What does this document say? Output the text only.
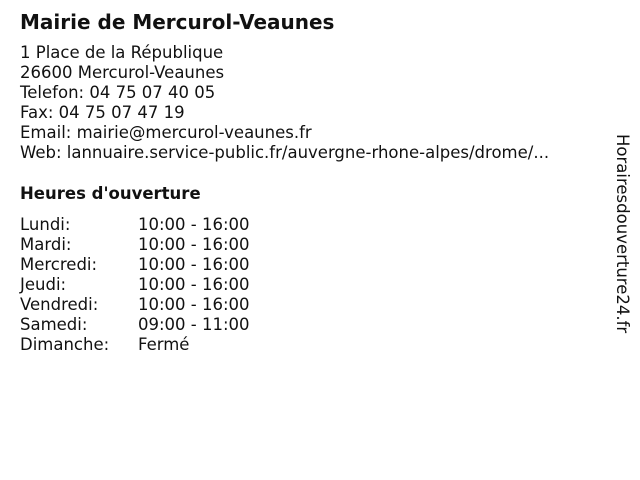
Mairie de Mercurol-Veaunes
1 Place de la République
26600 Mercurol-Veaunes
Telefon: 04 75 07 40 05
Fax: 04 75 07 47 19
Email: mairie@mercurol-veaunes.fr
Web: lannuaire.service-public.fr/auvergne-rhone-alpes/drome/...
Heures d'ouverture
Lundi:	10:00 - 16:00
Mardi:	10:00 - 16:00
Mercredi:	10:00 - 16:00
Jeudi:	10:00 - 16:00
Vendredi:	10:00 - 16:00
Samedi:	09:00 - 11:00
Dimanche:	Fermé
Horairesdouverture24.fr
